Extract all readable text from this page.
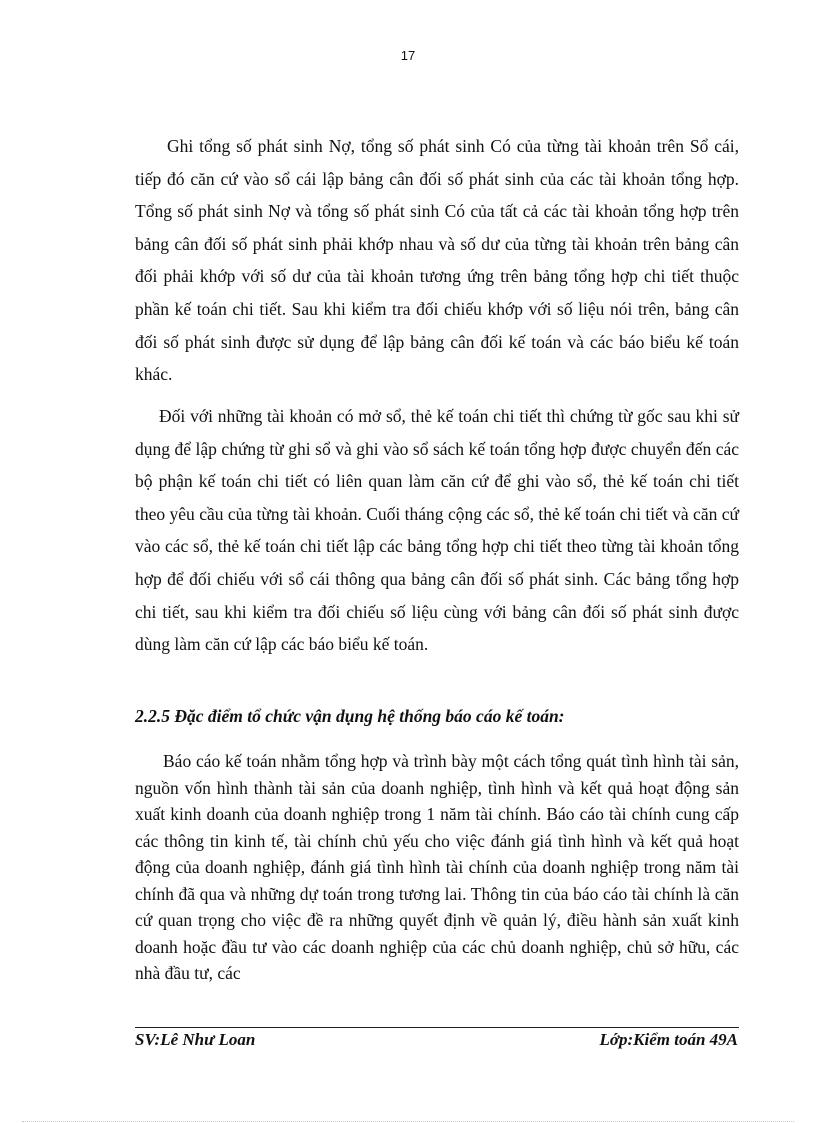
17

Ghi tổng số phát sinh Nợ, tổng số phát sinh Có của từng tài khoản trên Sổ cái, tiếp đó căn cứ vào sổ cái lập bảng cân đối số phát sinh của các tài khoản tổng hợp. Tổng số phát sinh Nợ và tổng số phát sinh Có của tất cả các tài khoản tổng hợp trên bảng cân đối số phát sinh phải khớp nhau và số dư của từng tài khoản trên bảng cân đối phải khớp với số dư của tài khoản tương ứng trên bảng tổng hợp chi tiết thuộc phần kế toán chi tiết. Sau khi kiểm tra đối chiếu khớp với số liệu nói trên, bảng cân đối số phát sinh được sử dụng để lập bảng cân đối kế toán và các báo biểu kế toán khác.

Đối với những tài khoản có mở sổ, thẻ kế toán chi tiết thì chứng từ gốc sau khi sử dụng để lập chứng từ ghi sổ và ghi vào sổ sách kế toán tổng hợp được chuyển đến các bộ phận kế toán chi tiết có liên quan làm căn cứ để ghi vào sổ, thẻ kế toán chi tiết theo yêu cầu của từng tài khoản. Cuối tháng cộng các sổ, thẻ kế toán chi tiết và căn cứ vào các sổ, thẻ kế toán chi tiết lập các bảng tổng hợp chi tiết theo từng tài khoản tổng hợp để đối chiếu với sổ cái thông qua bảng cân đối số phát sinh. Các bảng tổng hợp chi tiết, sau khi kiểm tra đối chiếu số liệu cùng với bảng cân đối số phát sinh được dùng làm căn cứ lập các báo biểu kế toán.

2.2.5 Đặc điểm tổ chức vận dụng hệ thống báo cáo kế toán:

Báo cáo kế toán nhằm tổng hợp và trình bày một cách tổng quát tình hình tài sản, nguồn vốn hình thành tài sản của doanh nghiệp, tình hình và kết quả hoạt động sản xuất kinh doanh của doanh nghiệp trong 1 năm tài chính. Báo cáo tài chính cung cấp các thông tin kinh tế, tài chính chủ yếu cho việc đánh giá tình hình và kết quả hoạt động của doanh nghiệp, đánh giá tình hình tài chính của doanh nghiệp trong năm tài chính đã qua và những dự toán trong tương lai. Thông tin của báo cáo tài chính là căn cứ quan trọng cho việc đề ra những quyết định về quản lý, điều hành sản xuất kinh doanh hoặc đầu tư vào các doanh nghiệp của các chủ doanh nghiệp, chủ sở hữu, các nhà đầu tư, các

SV:Lê Như Loan	Lớp:Kiểm toán 49A
